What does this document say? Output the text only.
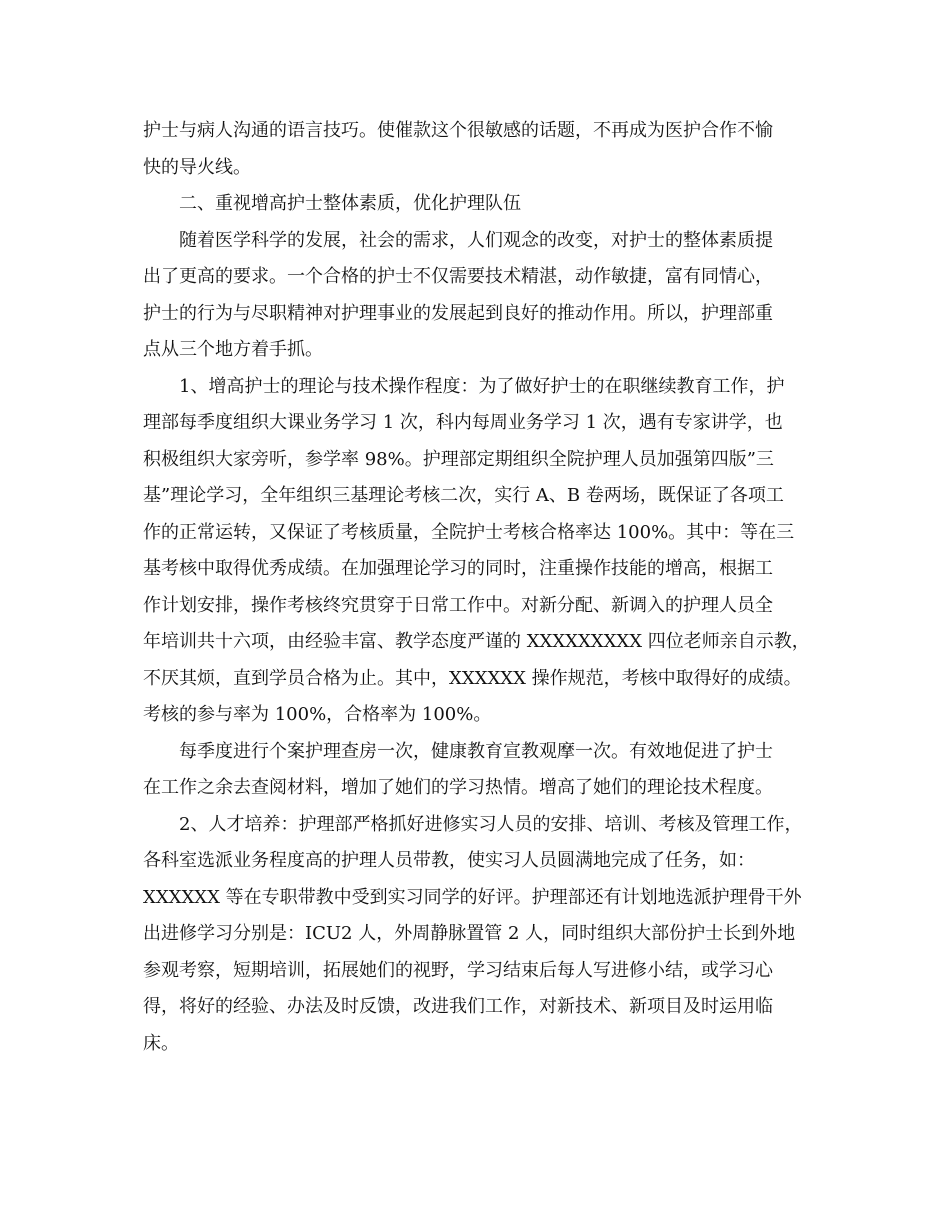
护士与病人沟通的语言技巧。使催款这个很敏感的话题，不再成为医护合作不愉
快的导火线。
二、重视增高护士整体素质，优化护理队伍
随着医学科学的发展，社会的需求，人们观念的改变，对护士的整体素质提
出了更高的要求。一个合格的护士不仅需要技术精湛，动作敏捷，富有同情心，
护士的行为与尽职精神对护理事业的发展起到良好的推动作用。所以，护理部重
点从三个地方着手抓。
1、增高护士的理论与技术操作程度：为了做好护士的在职继续教育工作，护
理部每季度组织大课业务学习 1 次，科内每周业务学习 1 次，遇有专家讲学，也
积极组织大家旁听，参学率 98%。护理部定期组织全院护理人员加强第四版”三
基”理论学习，全年组织三基理论考核二次，实行 A、B 卷两场，既保证了各项工
作的正常运转，又保证了考核质量，全院护士考核合格率达 100%。其中：等在三
基考核中取得优秀成绩。在加强理论学习的同时，注重操作技能的增高，根据工
作计划安排，操作考核终究贯穿于日常工作中。对新分配、新调入的护理人员全
年培训共十六项，由经验丰富、教学态度严谨的 XXXXXXXXX 四位老师亲自示教，
不厌其烦，直到学员合格为止。其中，XXXXXX 操作规范，考核中取得好的成绩。
考核的参与率为 100%，合格率为 100%。
每季度进行个案护理查房一次，健康教育宣教观摩一次。有效地促进了护士
在工作之余去查阅材料，增加了她们的学习热情。增高了她们的理论技术程度。
2、人才培养：护理部严格抓好进修实习人员的安排、培训、考核及管理工作，
各科室选派业务程度高的护理人员带教，使实习人员圆满地完成了任务，如：
XXXXXX 等在专职带教中受到实习同学的好评。护理部还有计划地选派护理骨干外
出进修学习分别是：ICU2 人，外周静脉置管 2 人，同时组织大部份护士长到外地
参观考察，短期培训，拓展她们的视野，学习结束后每人写进修小结，或学习心
得，将好的经验、办法及时反馈，改进我们工作，对新技术、新项目及时运用临
床。
